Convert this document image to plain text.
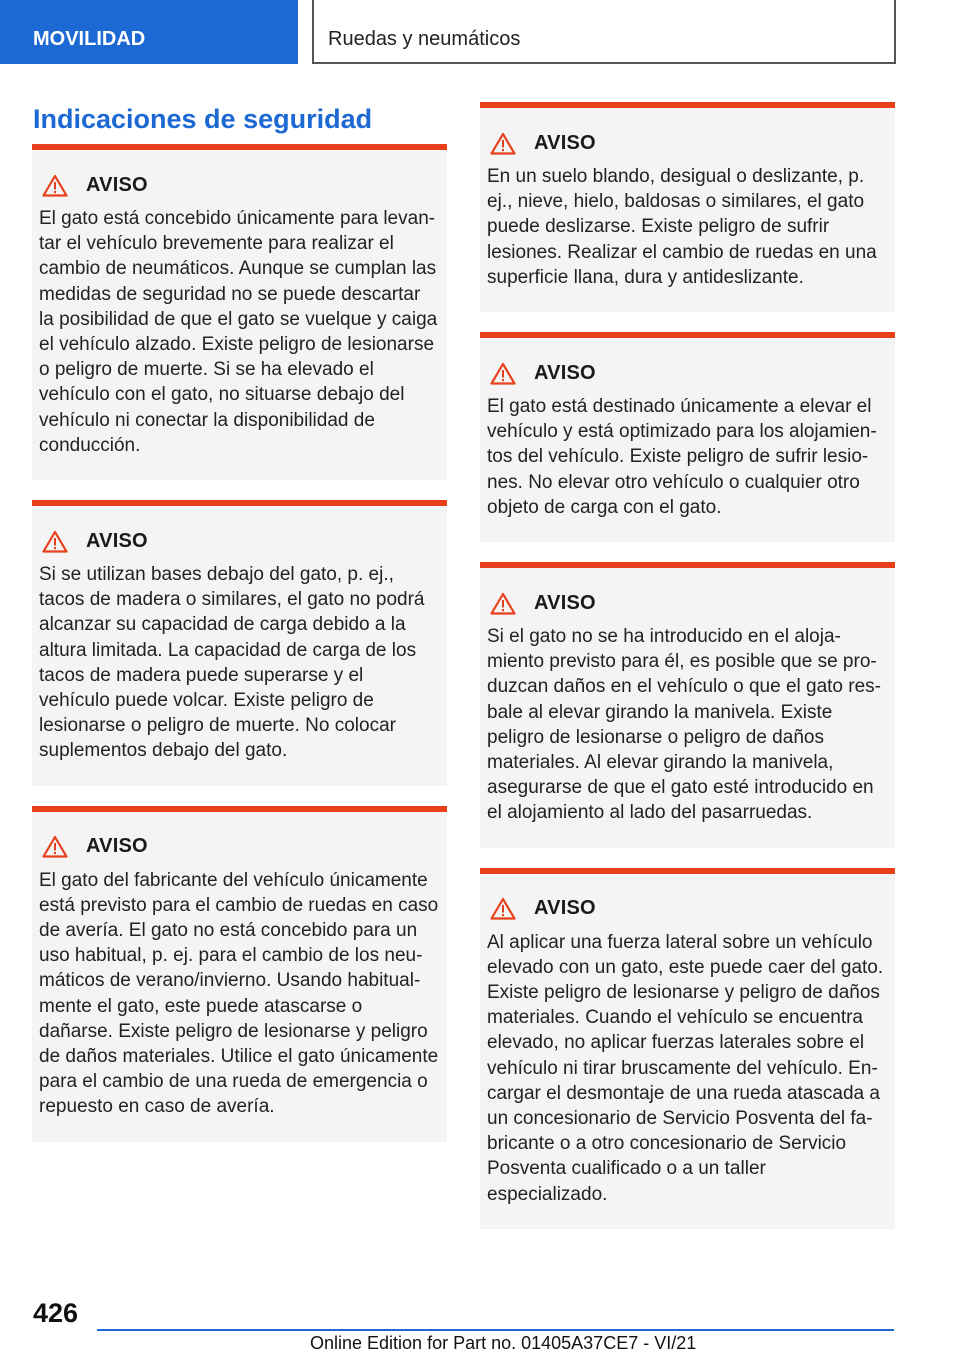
MOVILIDAD	Ruedas y neumáticos
Indicaciones de seguridad
AVISO
El gato está concebido únicamente para levantar el vehículo brevemente para realizar el cambio de neumáticos. Aunque se cumplan las medidas de seguridad no se puede descartar la posibilidad de que el gato se vuelque y caiga el vehículo alzado. Existe peligro de lesionarse o peligro de muerte. Si se ha elevado el vehículo con el gato, no situarse debajo del vehículo ni conectar la disponibilidad de conducción.
AVISO
Si se utilizan bases debajo del gato, p. ej., tacos de madera o similares, el gato no podrá alcanzar su capacidad de carga debido a la altura limitada. La capacidad de carga de los tacos de madera puede superarse y el vehículo puede volcar. Existe peligro de lesionarse o peligro de muerte. No colocar suplementos debajo del gato.
AVISO
El gato del fabricante del vehículo únicamente está previsto para el cambio de ruedas en caso de avería. El gato no está concebido para un uso habitual, p. ej. para el cambio de los neumáticos de verano/invierno. Usando habitualmente el gato, este puede atascarse o dañarse. Existe peligro de lesionarse y peligro de daños materiales. Utilice el gato únicamente para el cambio de una rueda de emergencia o repuesto en caso de avería.
AVISO
En un suelo blando, desigual o deslizante, p. ej., nieve, hielo, baldosas o similares, el gato puede deslizarse. Existe peligro de sufrir lesiones. Realizar el cambio de ruedas en una superficie llana, dura y antideslizante.
AVISO
El gato está destinado únicamente a elevar el vehículo y está optimizado para los alojamientos del vehículo. Existe peligro de sufrir lesiones. No elevar otro vehículo o cualquier otro objeto de carga con el gato.
AVISO
Si el gato no se ha introducido en el alojamiento previsto para él, es posible que se produzcan daños en el vehículo o que el gato resbale al elevar girando la manivela. Existe peligro de lesionarse o peligro de daños materiales. Al elevar girando la manivela, asegurarse de que el gato esté introducido en el alojamiento al lado del pasarruedas.
AVISO
Al aplicar una fuerza lateral sobre un vehículo elevado con un gato, este puede caer del gato. Existe peligro de lesionarse y peligro de daños materiales. Cuando el vehículo se encuentra elevado, no aplicar fuerzas laterales sobre el vehículo ni tirar bruscamente del vehículo. Encargar el desmontaje de una rueda atascada a un concesionario de Servicio Posventa del fabricante o a otro concesionario de Servicio Posventa cualificado o a un taller especializado.
426
Online Edition for Part no. 01405A37CE7 - VI/21
